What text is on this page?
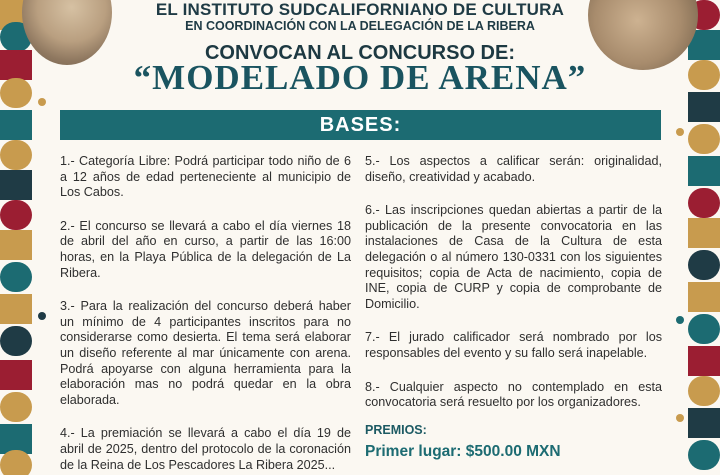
EL INSTITUTO SUDCALIFORNIANO DE CULTURA
EN COORDINACIÓN CON LA DELEGACIÓN DE LA RIBERA
CONVOCAN AL CONCURSO DE:
“MODELADO DE ARENA”
BASES:

1.- Categoría Libre: Podrá participar todo niño de 6 a 12 años de edad perteneciente al municipio de Los Cabos.

2.- El concurso se llevará a cabo el día viernes 18 de abril del año en curso, a partir de las 16:00 horas, en la Playa Pública de la delegación de La Ribera.

3.- Para la realización del concurso deberá haber un mínimo de 4 participantes inscritos para no considerarse como desierta. El tema será elaborar un diseño referente al mar únicamente con arena. Podrá apoyarse con alguna herramienta para la elaboración mas no podrá quedar en la obra elaborada.

4.- La premiación se llevará a cabo el día 19 de abril de 2025, dentro del protocolo de la coronación de la Reina de Los Pescadores La Ribera 2025...

5.- Los aspectos a calificar serán: originalidad, diseño, creatividad y acabado.

6.- Las inscripciones quedan abiertas a partir de la publicación de la presente convocatoria en las instalaciones de Casa de la Cultura de esta delegación o al número 130-0331 con los siguientes requisitos; copia de Acta de nacimiento, copia de INE, copia de CURP y copia de comprobante de Domicilio.

7.- El jurado calificador será nombrado por los responsables del evento y su fallo será inapelable.

8.- Cualquier aspecto no contemplado en esta convocatoria será resuelto por los organizadores.

PREMIOS:
Primer lugar: $500.00 MXN
